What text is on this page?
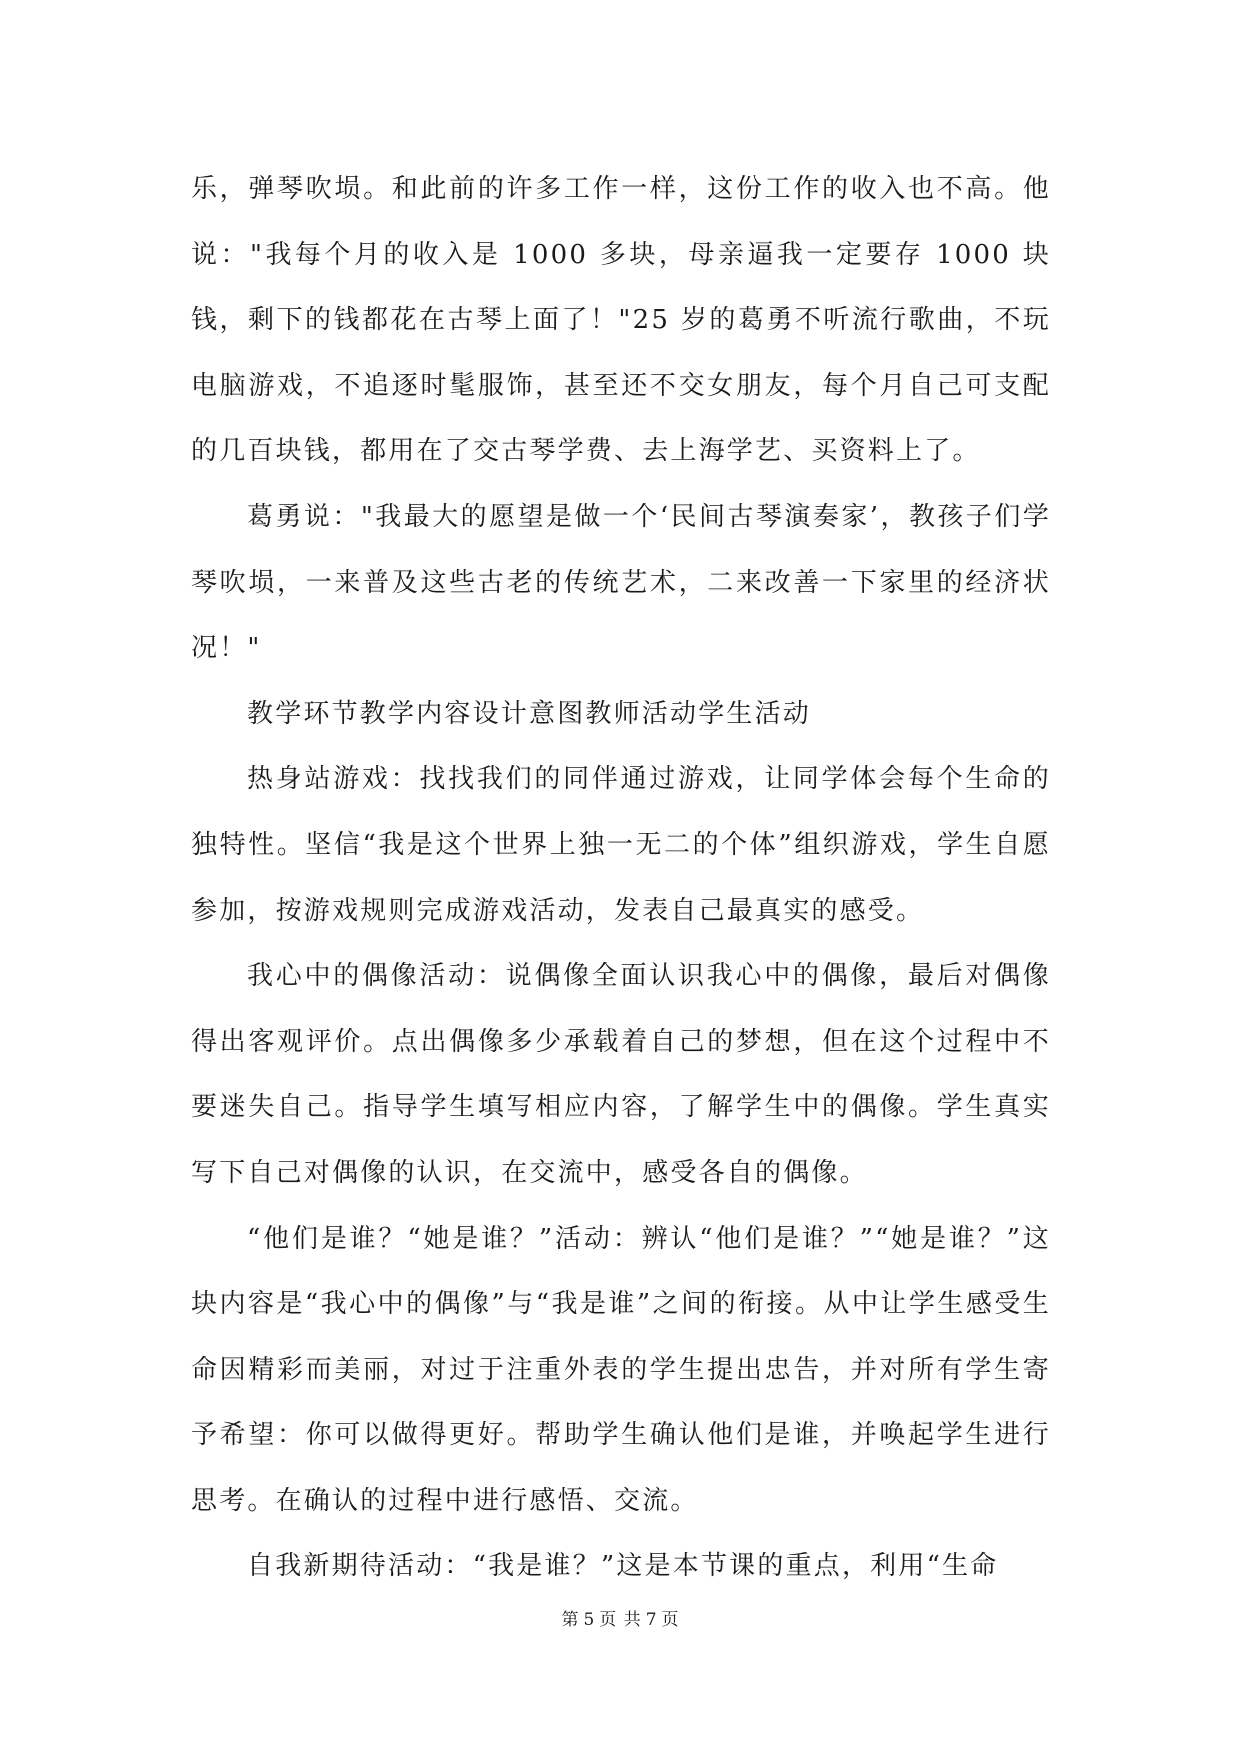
乐，弹琴吹埙。和此前的许多工作一样，这份工作的收入也不高。他说："我每个月的收入是 1000 多块，母亲逼我一定要存 1000 块钱，剩下的钱都花在古琴上面了！"25 岁的葛勇不听流行歌曲，不玩电脑游戏，不追逐时髦服饰，甚至还不交女朋友，每个月自己可支配的几百块钱，都用在了交古琴学费、去上海学艺、买资料上了。

葛勇说："我最大的愿望是做一个‘民间古琴演奏家’，教孩子们学琴吹埙，一来普及这些古老的传统艺术，二来改善一下家里的经济状况！"

教学环节教学内容设计意图教师活动学生活动

热身站游戏：找找我们的同伴通过游戏，让同学体会每个生命的独特性。坚信“我是这个世界上独一无二的个体”组织游戏，学生自愿参加，按游戏规则完成游戏活动，发表自己最真实的感受。

我心中的偶像活动：说偶像全面认识我心中的偶像，最后对偶像得出客观评价。点出偶像多少承载着自己的梦想，但在这个过程中不要迷失自己。指导学生填写相应内容，了解学生中的偶像。学生真实写下自己对偶像的认识，在交流中，感受各自的偶像。

“他们是谁？“她是谁？”活动：辨认“他们是谁？”“她是谁？”这块内容是“我心中的偶像”与“我是谁”之间的衔接。从中让学生感受生命因精彩而美丽，对过于注重外表的学生提出忠告，并对所有学生寄予希望：你可以做得更好。帮助学生确认他们是谁，并唤起学生进行思考。在确认的过程中进行感悟、交流。

自我新期待活动：“我是谁？”这是本节课的重点，利用“生命

第 5 页 共 7 页
